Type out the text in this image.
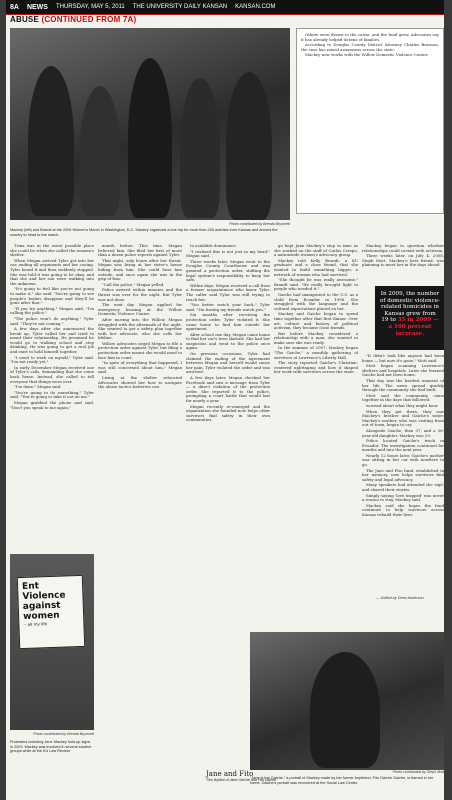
8A NEWS THURSDAY, MAY 5, 2011 THE UNIVERSITY DAILY KANSAN KANSAN.COM
ABUSE (CONTINUED FROM 7A)
Photo contributed by Brenda Bryonetti
Mackey (left) and Brandt at the 2004 Women's March in Washington, D.C. Mackey organized a bus trip for more than 200 activists from Kansas and around the country to head to the march.

Others were drawn to the cause, and the fund grew. Advocates say it has already helped dozens of families.

According to Douglas County District Attorney Charles Branson, the case has raised awareness across the state.

Mackey now works with the Willow Domestic Violence Center.

Trina was in the worst possible place she could be when she called the women's shelter.

When Megan arrived Tyler got into her car, ending all arguments and her cooing. Tyler heard it and then suddenly stopped. She was told it was going to be okay, and that she and her son were walking into the unknown.

"It's going to feel like you're not going to make it," she said. "You're going to see people's bodies disappear and they'll be gone after that."

"If you try anything," Megan said, "I'm calling the police."

"The police won't do anything," Tyler said. "They're not coming."

A few days after she announced the break up, Tyler called her and tried to mend their relationship. He promised he would go to walking school and stop drinking. He was going to get a real job and start to hold himself together.

"I need to work on myself," Tyler said. "I'm not ready yet."

In early December Megan received one of Tyler's calls, demanding that she come back home. Instead, she called to tell everyone that things were over.

"I'm done," Megan said.

"You're going to do something," Tyler said. "You're going to take it out on me."

Megan grabbed the phone and said, "Don't you speak to me again."

month before. This time, Megan believed him. She filed her first of more than a dozen police reports against Tyler.

That night, only hours after her threat, Megan was living at her sister's house hiding from him. She could hear him outside, and once again she was in the grip of fear.

"Call the police," Megan yelled.

Police arrived within minutes and the threat was over for the night. But Tyler was not done.

The next day Megan applied for emergency housing at the Willow Domestic Violence Center.

After moving into the Willow, Megan struggled with the aftermath of the night. She wanted to get a safety plan together with her advocate, who she calls her lifeline.

Willow advocates urged Megan to file a protection order against Tyler, but filing a protection order meant she would need to face him in court.

"In spite of everything that happened, I was still concerned about him," Megan said.

Living at the shelter relocated Advocates showed her how to navigate the abuse tactics batterers use.

to establish dominance.

"I realized this is not just in my head," Megan said.

Three weeks later, Megan went to the Douglas County Courthouse and was granted a protection order, shifting the legal system's responsibility to keep her safe.

Within days, Megan received a call from a former acquaintance who knew Tyler. The caller said Tyler was still trying to reach her.

"You better watch your back," Tyler said. "I'm having my friends watch you."

Six months after receiving the protection order, Tyler violated it. She came home to find him outside her apartment.

After school one day, Megan came home to find her car's tires slashed. She had her suspicions and went to the police once again.

On previous occasions, Tyler had claimed the ending of the agreement between Megan and herself would cause her pain. Tyler violated the order and was arrested.

A few days later, Megan checked her Facebook and saw a message from Tyler — a direct violation of the protection order. She reported it to the police, prompting a court battle that would last for nearly a year.

Megan recently re-emerged and the organization she founded now helps other survivors find safety in their own communities.

go kept Jane Mackey's step in time as she worked on the staff of Carlos Crespo, a nationwide women's advocacy group.

Mackey told Kelly Brandt, a KU graduate and a close friend, that she wanted to build something bigger, a network of women who had survived.

"She thought he was really awesome," Brandt said. "He really brought light to people who needed it."

Gaiche had immigrated to the U.S. as a child from Ecuador in 1998. She struggled with the language and the cultural expectations placed on her.

Mackey and Gaiche began to spend time together after that first dinner. Over art, culture and history of political activism, they became close friends.

But before Mackey considered a relationship with a man, she wanted to make sure she was ready.

In the summer of 2007, Mackey began "The Gaiche," a monthly gathering of survivors at Lawrence's Liberty Hall.

The story reported Gaiche's Christian-centered upbringing and how it shaped her work with survivors across the state.

Mackey began to question whether relationships could coexist with activism.

Three weeks later, on July 4, 2008, Steph Mott, Mackey's best friend, was planning to meet her in the days ahead.

In 2009, the number of domestic violence-related homicides in Kansas grew from 19 to 35 in 2009 — a 100 percent increase.

"It didn't look like anyone had been home — but now it's gone," Mott said.

Mott began scanning Lawrence's shelters and hospitals. Later she learned Gaiche had not been home.

That day was the hardest moment of her life. The news spread quickly through the community she had built.

Mott said the community came together in the days that followed.

worried about what they might hear.

When they got there, they saw Mackey's brother and Gaiche's sister. Mackey's mother, who was visiting from out of town, began to cry.

Alongside Gaiche, then 37, and a 36-year-old daughter, Mackey was 29.

Police located Gaiche's truck in Ecuador. The investigation continued for months and into the next year.

Nearly 12 hours later, Gaiche's mother was sitting in her car with nowhere to go.

The Jane and Fito fund, established in her memory, now helps survivors find safety and legal advocacy.

Many speakers had attended the vigil, and shared their stories.

Simply saying 'love trapped' was never a reason to stay, Mackey said.

Mackey said she hopes the fund continues to help survivors across Kansas rebuild their lives.

— Edited by Drew Anderson
Ent
Violence
against
women
-- all my life
Photo contributed by Brenda Bryonetti
Protesters including Jane Mackey hold up signs in 2003. Mackey was involved in several student groups while at the KU Law Review.
Photo contributed by Steph Mott
"Jane is the Gaiche," a portrait of Mackey made by her former boyfriend, Fito Gaiche Gaiche, is framed in her home. Gaiche's portrait was recovered at the Social Law Center.
Jane and Fito
This Wyttini of Jane Gaiche and Fito Gaiche
